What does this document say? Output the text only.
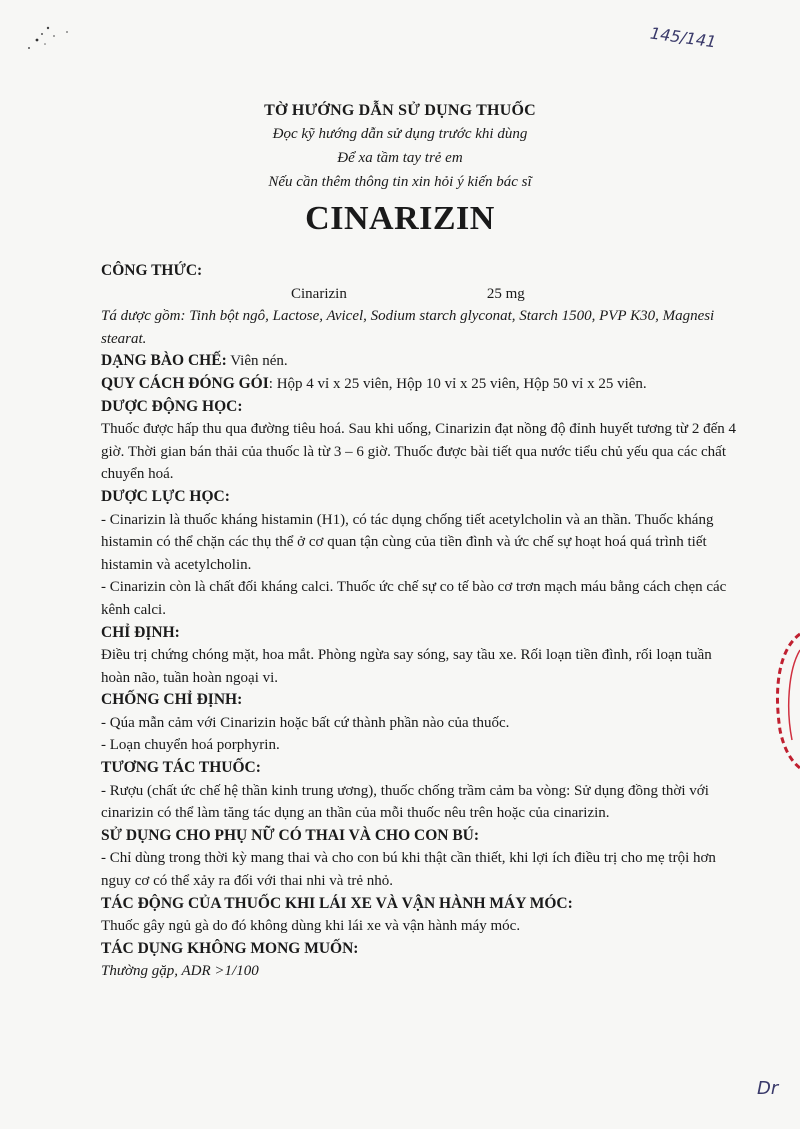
145/141
Dr
TỜ HƯỚNG DẪN SỬ DỤNG THUỐC
Đọc kỹ hướng dẫn sử dụng trước khi dùng
Để xa tầm tay trẻ em
Nếu cần thêm thông tin xin hỏi ý kiến bác sĩ
CINARIZIN

CÔNG THỨC:

Cinarizin	25 mg

Tá dược gồm: Tinh bột ngô, Lactose, Avicel, Sodium starch glyconat, Starch 1500, PVP K30, Magnesi stearat.

DẠNG BÀO CHẾ: Viên nén.

QUY CÁCH ĐÓNG GÓI: Hộp 4 vỉ x 25 viên, Hộp 10 vỉ x 25 viên, Hộp 50 vỉ x 25 viên.

DƯỢC ĐỘNG HỌC:

Thuốc được hấp thu qua đường tiêu hoá. Sau khi uống, Cinarizin đạt nồng độ đỉnh huyết tương từ 2 đến 4 giờ. Thời gian bán thải của thuốc là từ 3 – 6 giờ. Thuốc được bài tiết qua nước tiểu chủ yếu qua các chất chuyển hoá.

DƯỢC LỰC HỌC:

- Cinarizin là thuốc kháng histamin (H1), có tác dụng chống tiết acetylcholin và an thần. Thuốc kháng histamin có thể chặn các thụ thể ở cơ quan tận cùng của tiền đình và ức chế sự hoạt hoá quá trình tiết histamin và acetylcholin.

- Cinarizin còn là chất đối kháng calci. Thuốc ức chế sự co tế bào cơ trơn mạch máu bằng cách chẹn các kênh calci.

CHỈ ĐỊNH:

Điều trị chứng chóng mặt, hoa mắt. Phòng ngừa say sóng, say tầu xe. Rối loạn tiền đình, rối loạn tuần hoàn não, tuần hoàn ngoại vi.

CHỐNG CHỈ ĐỊNH:

- Qúa mẫn cảm với Cinarizin hoặc bất cứ thành phần nào của thuốc.

- Loạn chuyển hoá porphyrin.

TƯƠNG TÁC THUỐC:

- Rượu (chất ức chế hệ thần kinh trung ương), thuốc chống trầm cảm ba vòng: Sử dụng đồng thời với cinarizin có thể làm tăng tác dụng an thần của mỗi thuốc nêu trên hoặc của cinarizin.

SỬ DỤNG CHO PHỤ NỮ CÓ THAI VÀ CHO CON BÚ:

- Chỉ dùng trong thời kỳ mang thai và cho con bú khi thật cần thiết, khi lợi ích điều trị cho mẹ trội hơn nguy cơ có thể xảy ra đối với thai nhi và trẻ nhỏ.

TÁC ĐỘNG CỦA THUỐC KHI LÁI XE VÀ VẬN HÀNH MÁY MÓC:

Thuốc gây ngủ gà do đó không dùng khi lái xe và vận hành máy móc.

TÁC DỤNG KHÔNG MONG MUỐN:

Thường gặp, ADR >1/100
